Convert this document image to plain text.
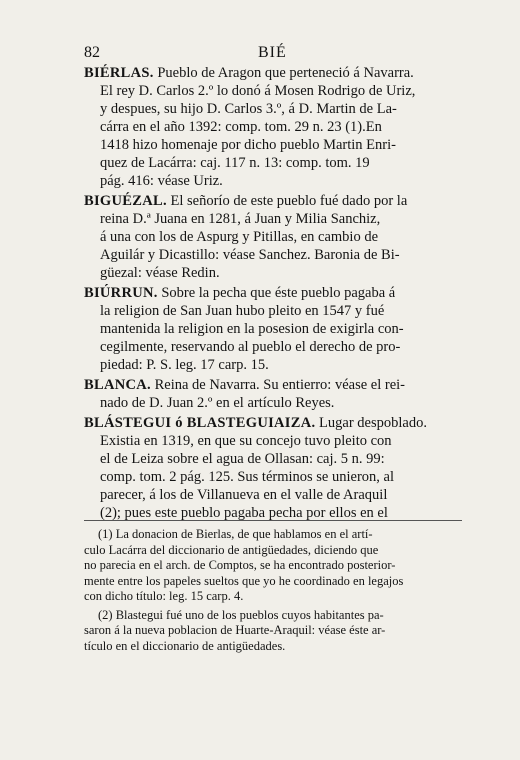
82	BIÉ

BIÉRLAS. Pueblo de Aragon que perteneció á Navarra.

El rey D. Carlos 2.º lo donó á Mosen Rodrigo de Uriz,

y despues, su hijo D. Carlos 3.º, á D. Martin de La-

cárra en el año 1392: comp. tom. 29 n. 23 (1).En

1418 hizo homenaje por dicho pueblo Martin Enri-

quez de Lacárra: caj. 117 n. 13: comp. tom. 19

pág. 416: véase Uriz.

BIGUÉZAL. El señorío de este pueblo fué dado por la

reina D.ª Juana en 1281, á Juan y Milia Sanchiz,

á una con los de Aspurg y Pitillas, en cambio de

Aguilár y Dicastillo: véase Sanchez. Baronia de Bi-

güezal: véase Redin.

BIÚRRUN. Sobre la pecha que éste pueblo pagaba á

la religion de San Juan hubo pleito en 1547 y fué

mantenida la religion en la posesion de exigirla con-

cegilmente, reservando al pueblo el derecho de pro-

piedad: P. S. leg. 17 carp. 15.

BLANCA. Reina de Navarra. Su entierro: véase el rei-

nado de D. Juan 2.º en el artículo Reyes.

BLÁSTEGUI ó BLASTEGUIAIZA. Lugar despoblado.

Existia en 1319, en que su concejo tuvo pleito con

el de Leiza sobre el agua de Ollasan: caj. 5 n. 99:

comp. tom. 2 pág. 125. Sus términos se unieron, al

parecer, á los de Villanueva en el valle de Araquil

(2); pues este pueblo pagaba pecha por ellos en el

(1) La donacion de Bierlas, de que hablamos en el artí-

culo Lacárra del diccionario de antigüedades, diciendo que

no parecia en el arch. de Comptos, se ha encontrado posterior-

mente entre los papeles sueltos que yo he coordinado en legajos

con dicho título: leg. 15 carp. 4.

(2) Blastegui fué uno de los pueblos cuyos habitantes pa-

saron á la nueva poblacion de Huarte-Araquil: véase éste ar-

tículo en el diccionario de antigüedades.
